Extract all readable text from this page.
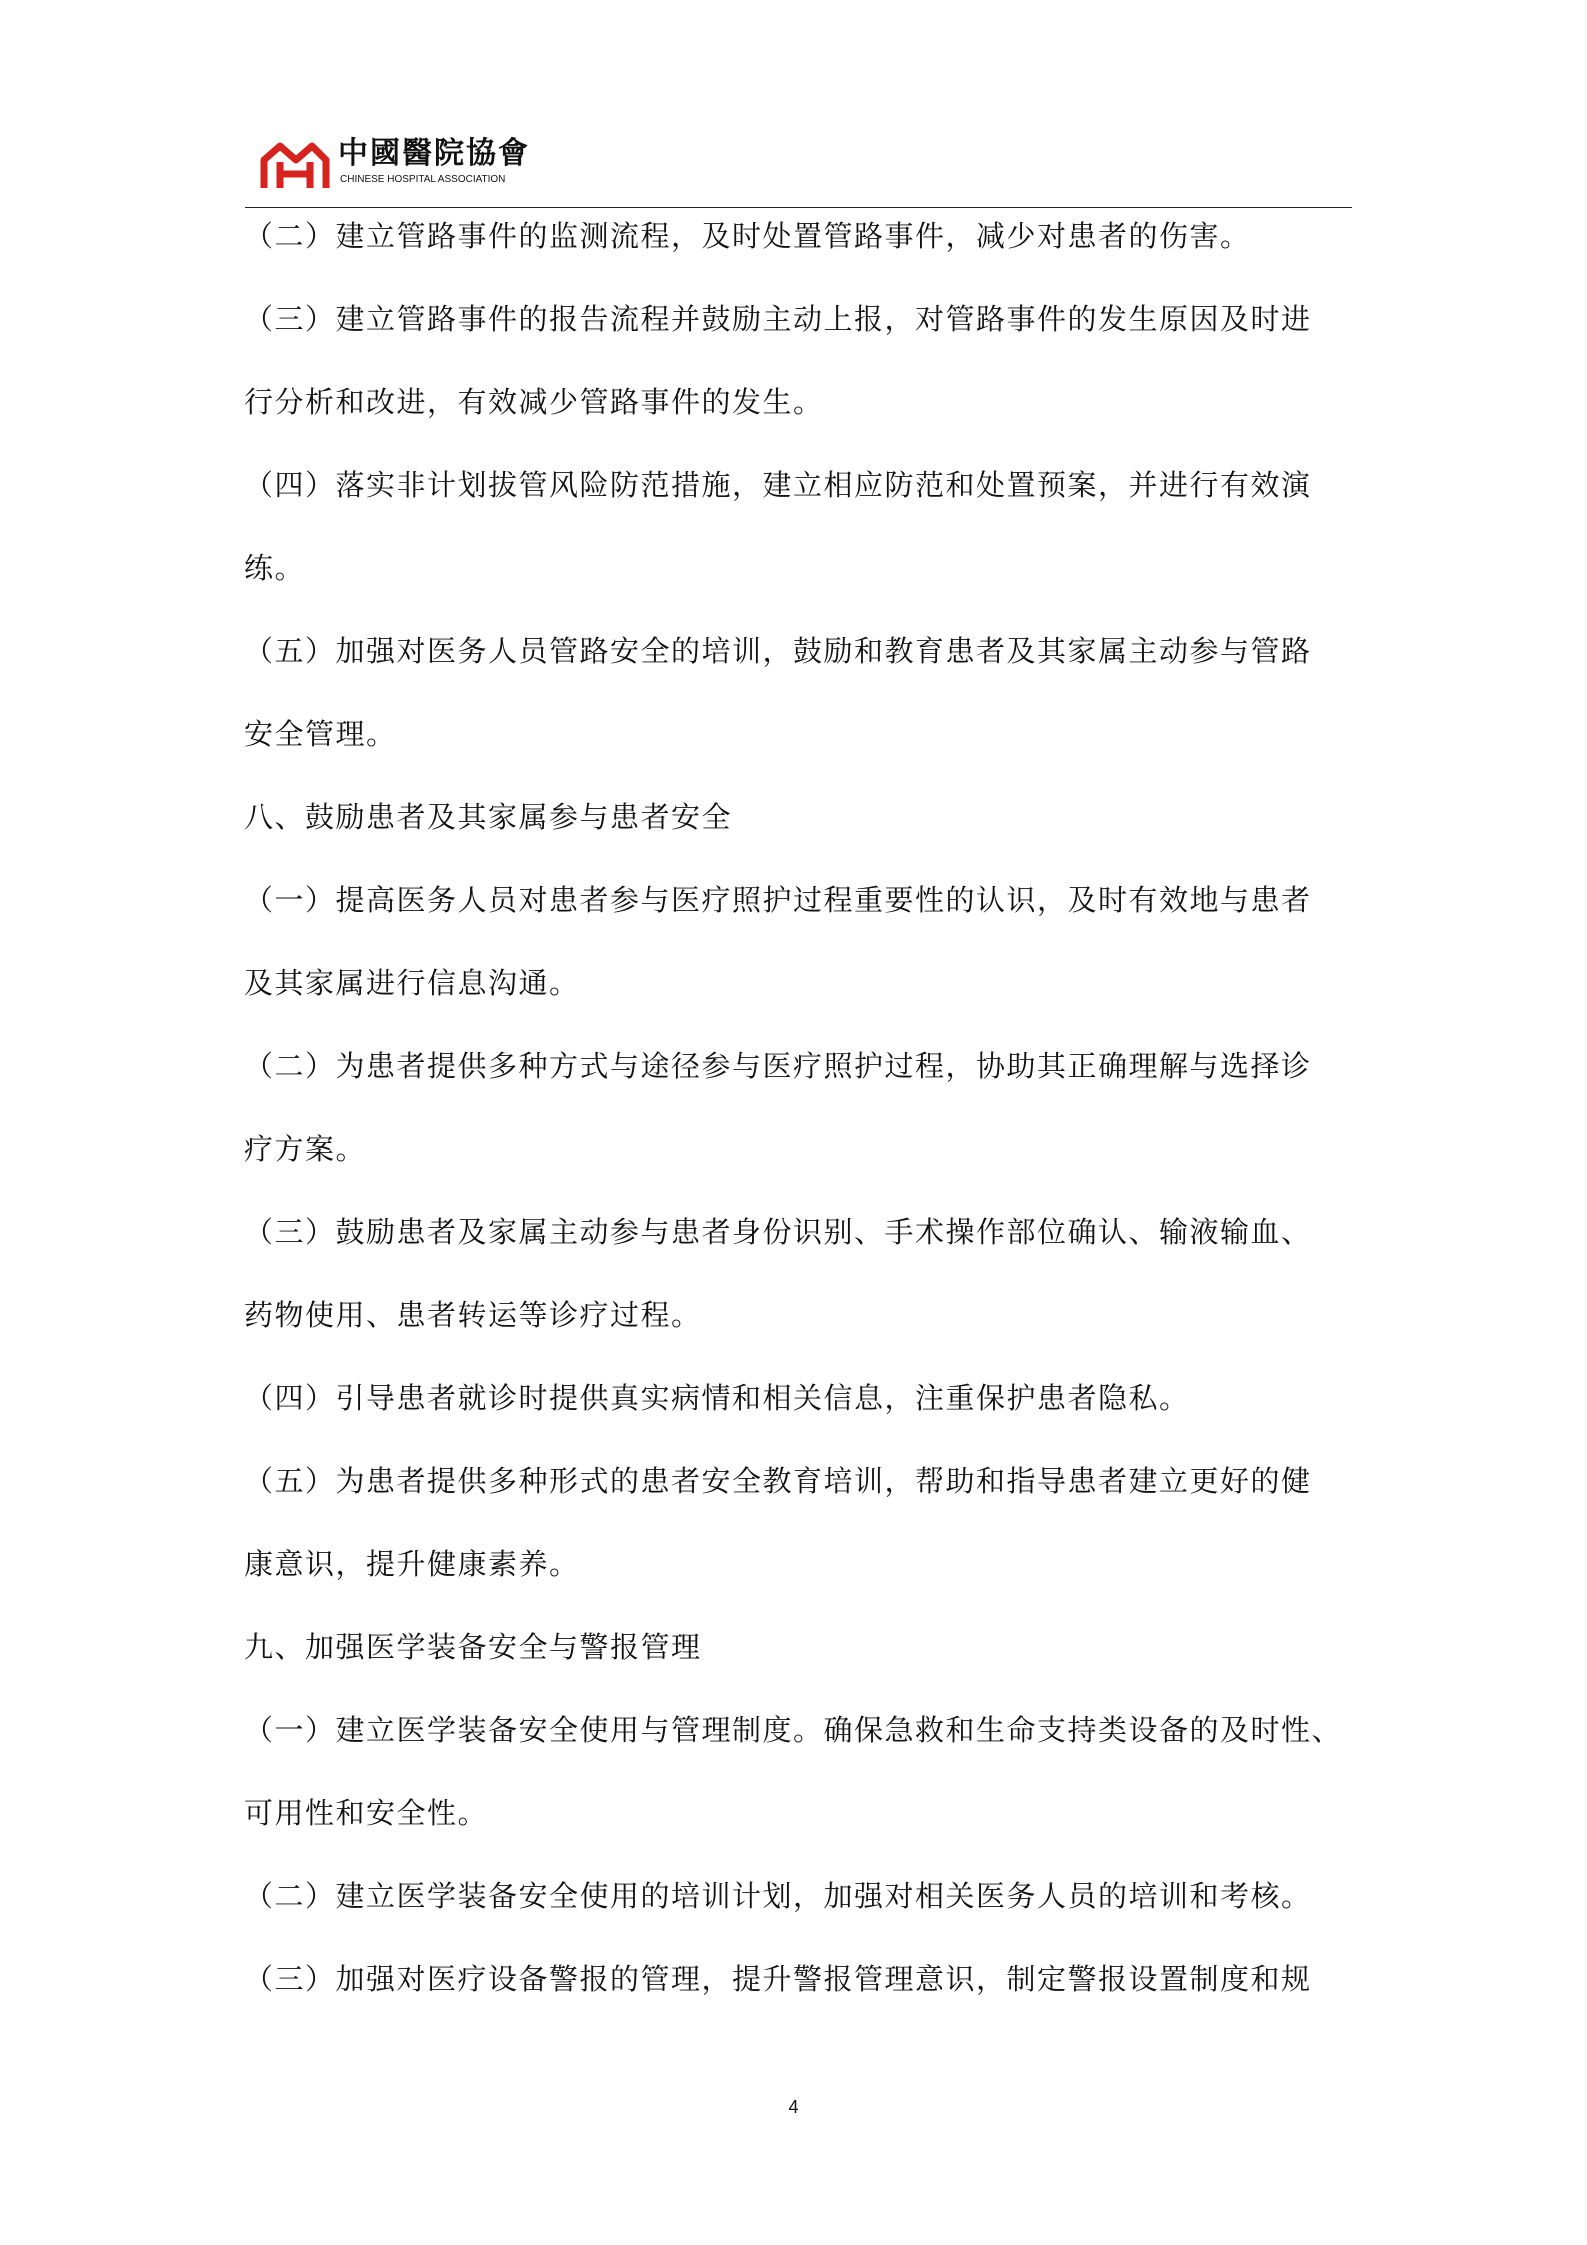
中國醫院協會
CHINESE HOSPITAL ASSOCIATION

（二）建立管路事件的监测流程，及时处置管路事件，减少对患者的伤害。

（三）建立管路事件的报告流程并鼓励主动上报，对管路事件的发生原因及时进

行分析和改进，有效减少管路事件的发生。

（四）落实非计划拔管风险防范措施，建立相应防范和处置预案，并进行有效演

练。

（五）加强对医务人员管路安全的培训，鼓励和教育患者及其家属主动参与管路

安全管理。

八、鼓励患者及其家属参与患者安全

（一）提高医务人员对患者参与医疗照护过程重要性的认识，及时有效地与患者

及其家属进行信息沟通。

（二）为患者提供多种方式与途径参与医疗照护过程，协助其正确理解与选择诊

疗方案。

（三）鼓励患者及家属主动参与患者身份识别、手术操作部位确认、输液输血、

药物使用、患者转运等诊疗过程。

（四）引导患者就诊时提供真实病情和相关信息，注重保护患者隐私。

（五）为患者提供多种形式的患者安全教育培训，帮助和指导患者建立更好的健

康意识，提升健康素养。

九、加强医学装备安全与警报管理

（一）建立医学装备安全使用与管理制度。确保急救和生命支持类设备的及时性、

可用性和安全性。

（二）建立医学装备安全使用的培训计划，加强对相关医务人员的培训和考核。

（三）加强对医疗设备警报的管理，提升警报管理意识，制定警报设置制度和规

4
